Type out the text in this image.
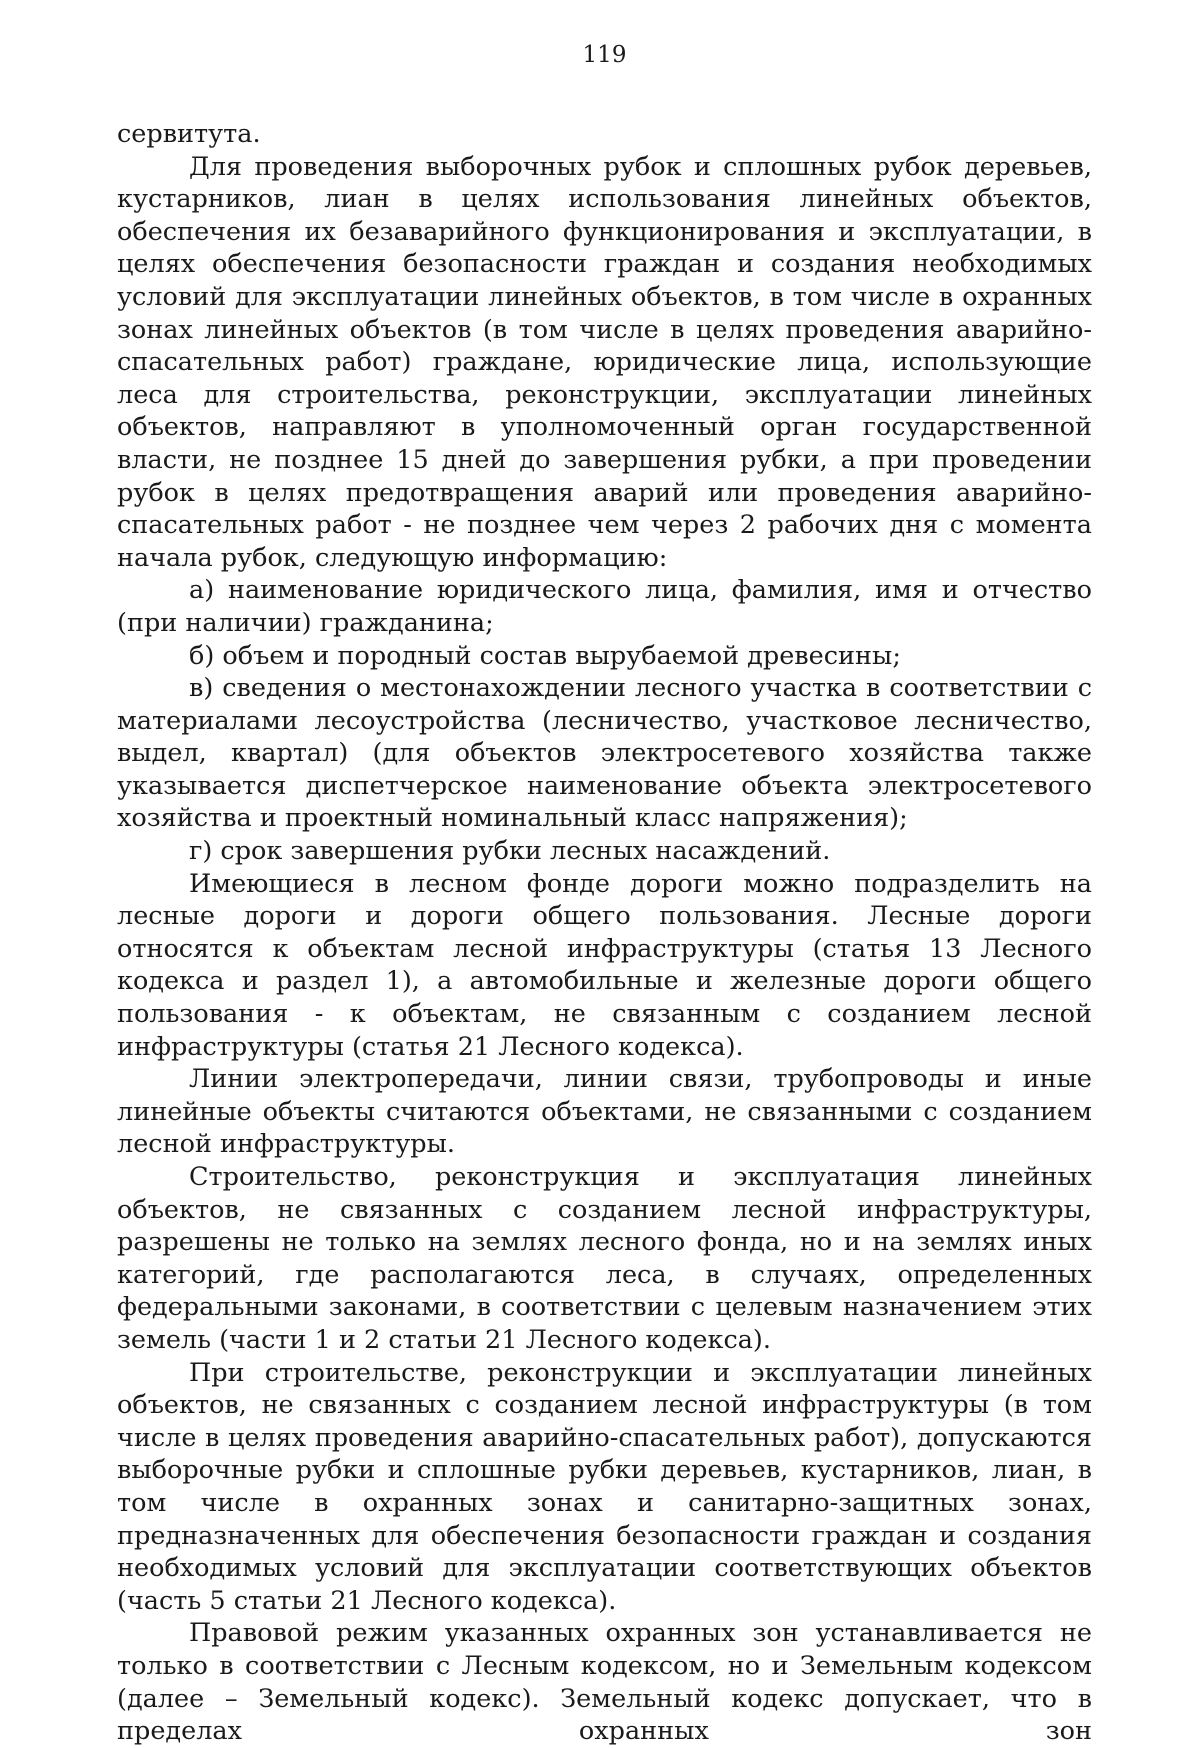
119

сервитута.

Для проведения выборочных рубок и сплошных рубок деревьев, кустарников, лиан в целях использования линейных объектов, обеспечения их безаварийного функционирования и эксплуатации, в целях обеспечения безопасности граждан и создания необходимых условий для эксплуатации линейных объектов, в том числе в охранных зонах линейных объектов (в том числе в целях проведения аварийно-спасательных работ) граждане, юридические лица, использующие леса для строительства, реконструкции, эксплуатации линейных объектов, направляют в уполномоченный орган государственной власти, не позднее 15 дней до завершения рубки, а при проведении рубок в целях предотвращения аварий или проведения аварийно-спасательных работ - не позднее чем через 2 рабочих дня с момента начала рубок, следующую информацию:

а) наименование юридического лица, фамилия, имя и отчество (при наличии) гражданина;

б) объем и породный состав вырубаемой древесины;

в) сведения о местонахождении лесного участка в соответствии с материалами лесоустройства (лесничество, участковое лесничество, выдел, квартал) (для объектов электросетевого хозяйства также указывается диспетчерское наименование объекта электросетевого хозяйства и проектный номинальный класс напряжения);

г) срок завершения рубки лесных насаждений.

Имеющиеся в лесном фонде дороги можно подразделить на лесные дороги и дороги общего пользования. Лесные дороги относятся к объектам лесной инфраструктуры (статья 13 Лесного кодекса и раздел 1), а автомобильные и железные дороги общего пользования - к объектам, не связанным с созданием лесной инфраструктуры (статья 21 Лесного кодекса).

Линии электропередачи, линии связи, трубопроводы и иные линейные объекты считаются объектами, не связанными с созданием лесной инфраструктуры.

Строительство, реконструкция и эксплуатация линейных объектов, не связанных с созданием лесной инфраструктуры, разрешены не только на землях лесного фонда, но и на землях иных категорий, где располагаются леса, в случаях, определенных федеральными законами, в соответствии с целевым назначением этих земель (части 1 и 2 статьи 21 Лесного кодекса).

При строительстве, реконструкции и эксплуатации линейных объектов, не связанных с созданием лесной инфраструктуры (в том числе в целях проведения аварийно-спасательных работ), допускаются выборочные рубки и сплошные рубки деревьев, кустарников, лиан, в том числе в охранных зонах и санитарно-защитных зонах, предназначенных для обеспечения безопасности граждан и создания необходимых условий для эксплуатации соответствующих объектов (часть 5 статьи 21 Лесного кодекса).

Правовой режим указанных охранных зон устанавливается не только в соответствии с Лесным кодексом, но и Земельным кодексом (далее – Земельный кодекс). Земельный кодекс допускает, что в пределах охранных зон
